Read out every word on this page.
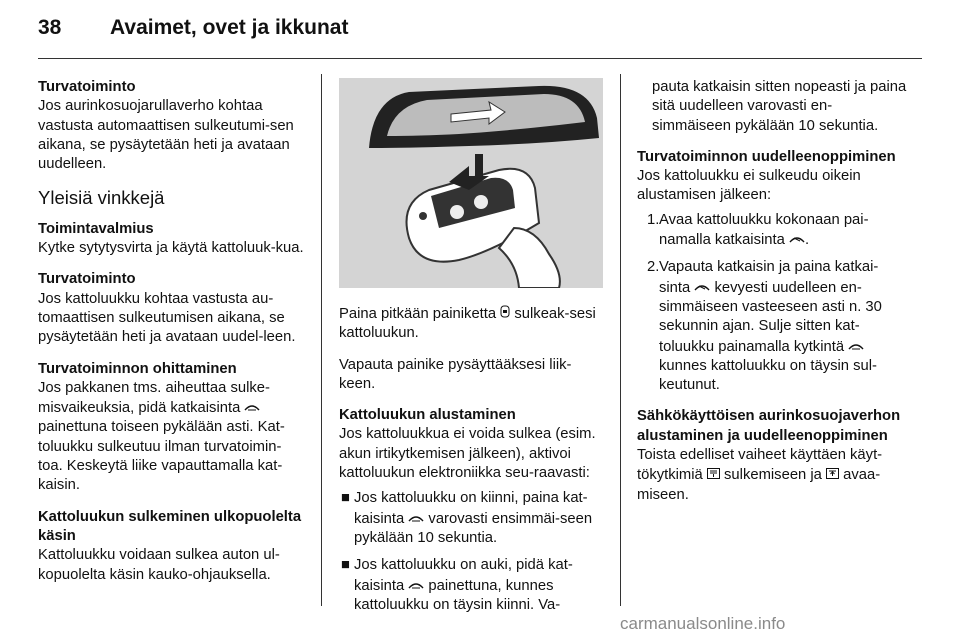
38 Avaimet, ovet ja ikkunat
Turvatoiminto
Jos aurinkosuojarullaverho kohtaa vastusta automaattisen sulkeutumi-sen aikana, se pysäytetään heti ja avataan uudelleen.
Yleisiä vinkkejä
Toimintavalmius
Kytke sytytysvirta ja käytä kattoluuk-kua.
Turvatoiminto
Jos kattoluukku kohtaa vastusta au-tomaattisen sulkeutumisen aikana, se pysäytetään heti ja avataan uudel-leen.
Turvatoiminnon ohittaminen
Jos pakkanen tms. aiheuttaa sulke-misvaikeuksia, pidä katkaisinta
painettuna toiseen pykälään asti. Kat-toluukku sulkeutuu ilman turvatoimin-toa. Keskeytä liike vapauttamalla kat-kaisin.
Kattoluukun sulkeminen ulkopuolelta käsin
Kattoluukku voidaan sulkea auton ul-kopuolelta käsin kauko-ohjauksella.

Paina pitkään painiketta sulkeak-sesi kattoluukun.

Vapauta painike pysäyttääksesi liik-keen.

Kattoluukun alustaminen
Jos kattoluukkua ei voida sulkea (esim. akun irtikytkemisen jälkeen), aktivoi kattoluukun elektroniikka seu-raavasti:
■ Jos kattoluukku on kiinni, paina kat-kaisinta varovasti ensimmäi-seen pykälään 10 sekuntia.
■ Jos kattoluukku on auki, pidä kat-kaisinta painettuna, kunnes kattoluukku on täysin kiinni. Va-

pauta katkaisin sitten nopeasti ja paina sitä uudelleen varovasti en-simmäiseen pykälään 10 sekuntia.

Turvatoiminnon uudelleenoppiminen
Jos kattoluukku ei sulkeudu oikein alustamisen jälkeen:
1. Avaa kattoluukku kokonaan pai-namalla katkaisinta .
2. Vapauta katkaisin ja paina katkai-sinta kevyesti uudelleen en-simmäiseen vasteeseen asti n. 30 sekunnin ajan. Sulje sitten kat-toluukku painamalla kytkintä  kunnes kattoluukku on täysin sul-keutunut.
Sähkökäyttöisen aurinkosuojaverhon alustaminen ja uudelleenoppiminen
Toista edelliset vaiheet käyttäen käyt-tökytkimiä sulkemiseen ja avaa-miseen.
carmanualsonline.info
